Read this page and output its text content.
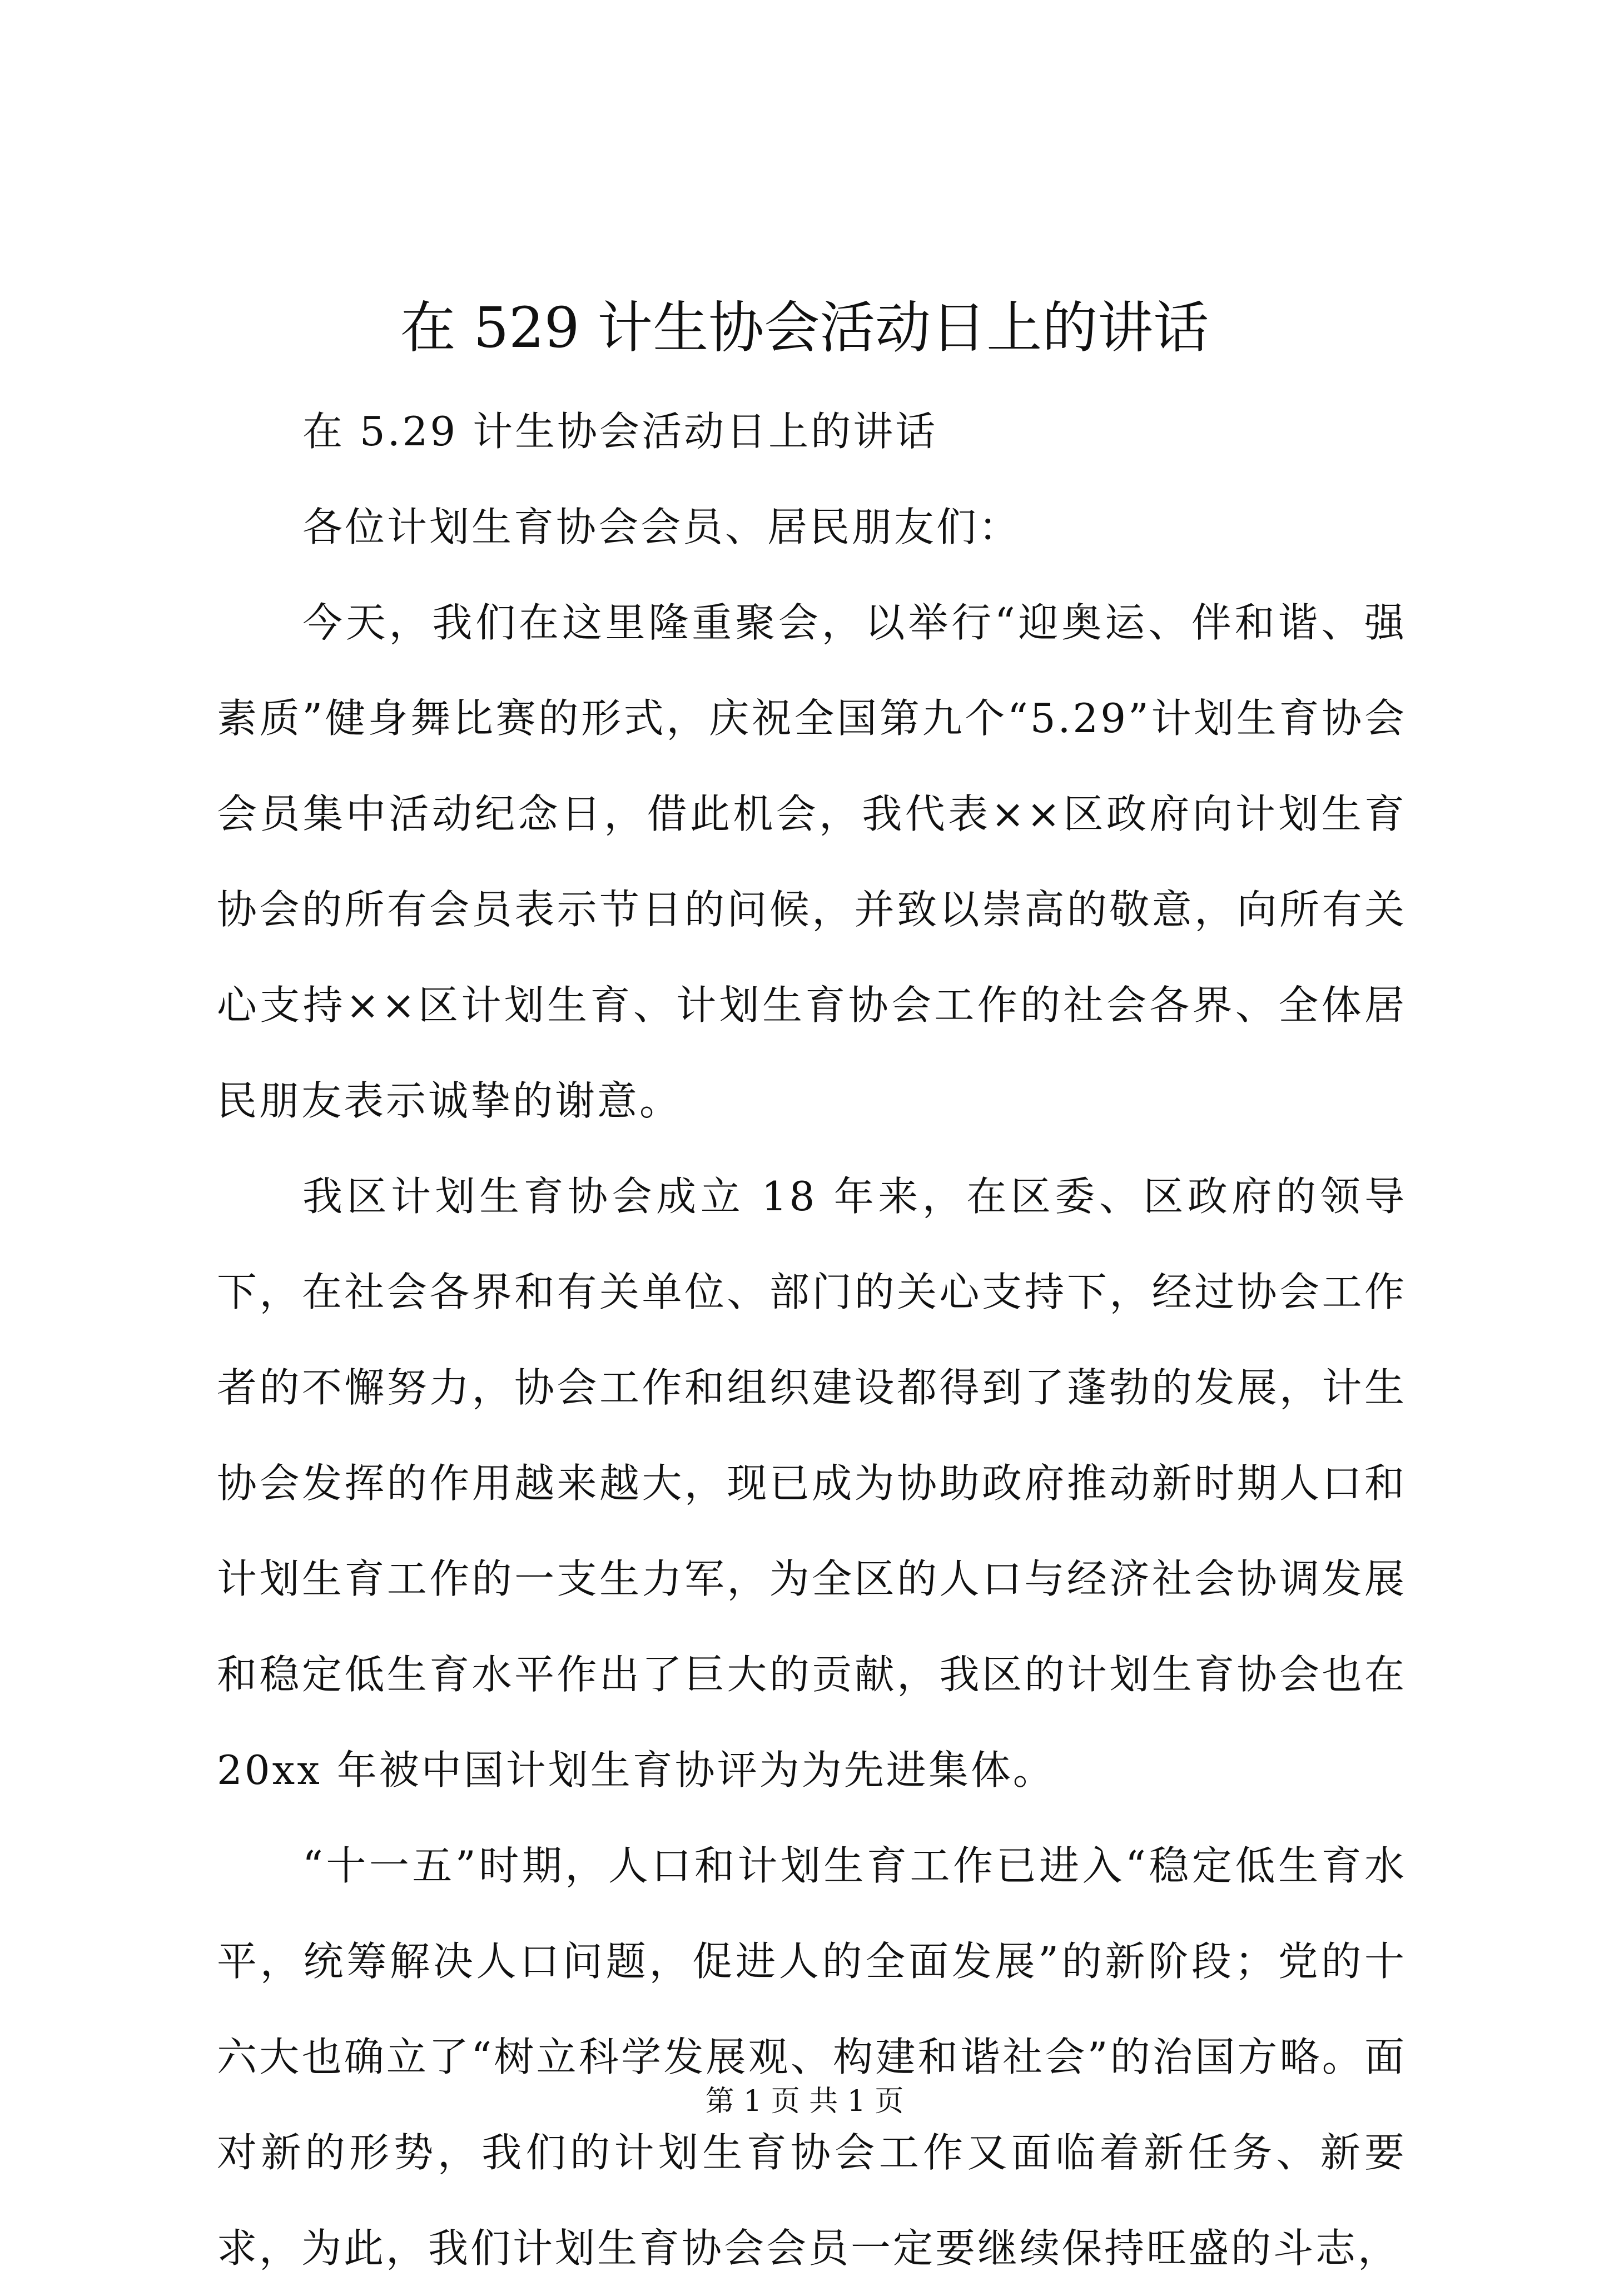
在 529 计生协会活动日上的讲话

在 5.29 计生协会活动日上的讲话

各位计划生育协会会员、居民朋友们：

今天，我们在这里隆重聚会，以举行“迎奥运、伴和谐、强素质”健身舞比赛的形式，庆祝全国第九个“5.29”计划生育协会会员集中活动纪念日，借此机会，我代表××区政府向计划生育协会的所有会员表示节日的问候，并致以崇高的敬意，向所有关心支持××区计划生育、计划生育协会工作的社会各界、全体居民朋友表示诚挚的谢意。

我区计划生育协会成立 18 年来，在区委、区政府的领导下，在社会各界和有关单位、部门的关心支持下，经过协会工作者的不懈努力，协会工作和组织建设都得到了蓬勃的发展，计生协会发挥的作用越来越大，现已成为协助政府推动新时期人口和计划生育工作的一支生力军，为全区的人口与经济社会协调发展和稳定低生育水平作出了巨大的贡献，我区的计划生育协会也在 20xx 年被中国计划生育协评为为先进集体。

“十一五”时期，人口和计划生育工作已进入“稳定低生育水平，统筹解决人口问题，促进人的全面发展”的新阶段；党的十六大也确立了“树立科学发展观、构建和谐社会”的治国方略。面对新的形势，我们的计划生育协会工作又面临着新任务、新要求，为此，我们计划生育协会会员一定要继续保持旺盛的斗志，

第 1 页 共 1 页
